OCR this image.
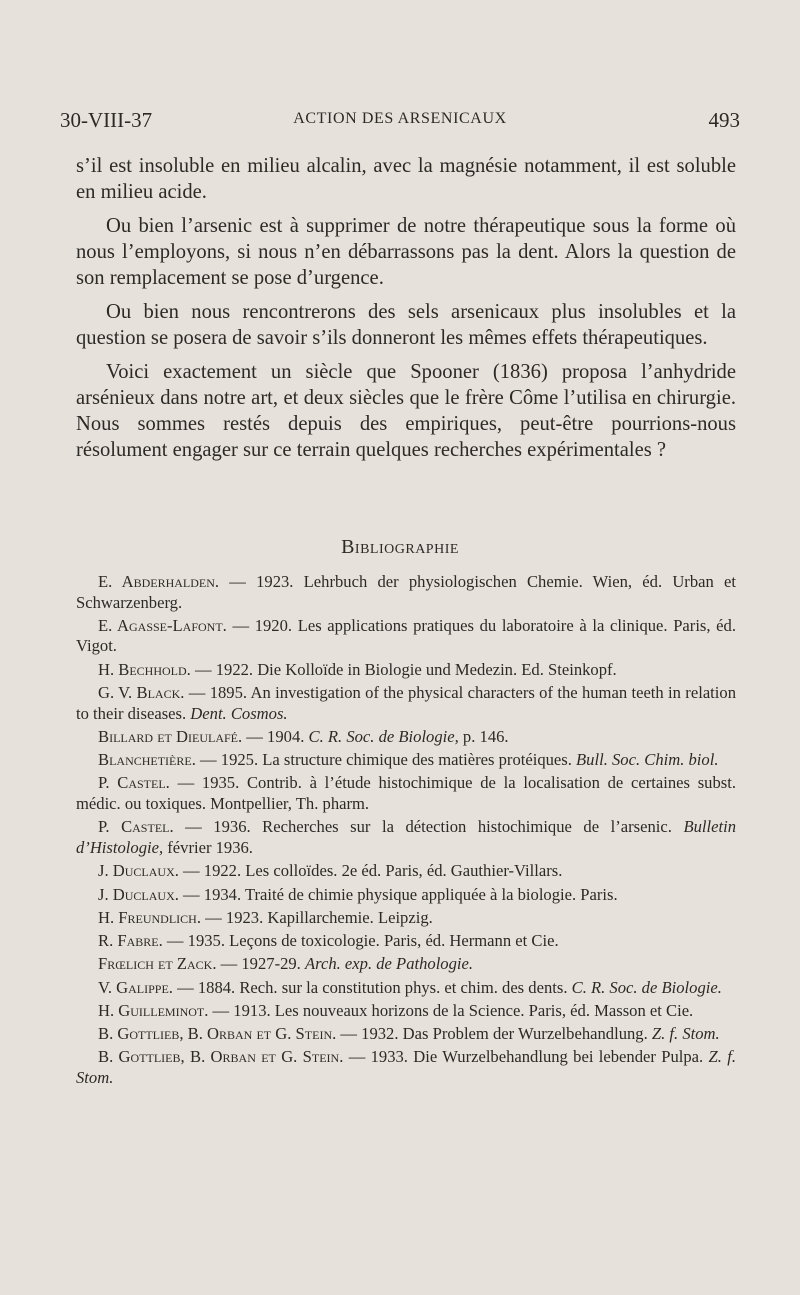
30-VIII-37	ACTION DES ARSENICAUX	493

s’il est insoluble en milieu alcalin, avec la magnésie notamment, il est soluble en milieu acide.

Ou bien l’arsenic est à supprimer de notre thérapeutique sous la forme où nous l’employons, si nous n’en débarrassons pas la dent. Alors la question de son remplacement se pose d’urgence.

Ou bien nous rencontrerons des sels arsenicaux plus insolubles et la question se posera de savoir s’ils donneront les mêmes effets thérapeutiques.

Voici exactement un siècle que Spooner (1836) proposa l’anhydride arsénieux dans notre art, et deux siècles que le frère Côme l’utilisa en chirurgie. Nous sommes restés depuis des empiriques, peut-être pourrions-nous résolument engager sur ce terrain quelques recherches expérimentales ?

Bibliographie

E. Abderhalden. — 1923. Lehrbuch der physiologischen Chemie. Wien, éd. Urban et Schwarzenberg.

E. Agasse-Lafont. — 1920. Les applications pratiques du laboratoire à la clinique. Paris, éd. Vigot.

H. Bechhold. — 1922. Die Kolloïde in Biologie und Medezin. Ed. Steinkopf.

G. V. Black. — 1895. An investigation of the physical characters of the human teeth in relation to their diseases. Dent. Cosmos.

Billard et Dieulafé. — 1904. C. R. Soc. de Biologie, p. 146.

Blanchetière. — 1925. La structure chimique des matières protéiques. Bull. Soc. Chim. biol.

P. Castel. — 1935. Contrib. à l’étude histochimique de la localisation de certaines subst. médic. ou toxiques. Montpellier, Th. pharm.

P. Castel. — 1936. Recherches sur la détection histochimique de l’arsenic. Bulletin d’Histologie, février 1936.

J. Duclaux. — 1922. Les colloïdes. 2e éd. Paris, éd. Gauthier-Villars.

J. Duclaux. — 1934. Traité de chimie physique appliquée à la biologie. Paris.

H. Freundlich. — 1923. Kapillarchemie. Leipzig.

R. Fabre. — 1935. Leçons de toxicologie. Paris, éd. Hermann et Cie.

Frœlich et Zack. — 1927-29. Arch. exp. de Pathologie.

V. Galippe. — 1884. Rech. sur la constitution phys. et chim. des dents. C. R. Soc. de Biologie.

H. Guilleminot. — 1913. Les nouveaux horizons de la Science. Paris, éd. Masson et Cie.

B. Gottlieb, B. Orban et G. Stein. — 1932. Das Problem der Wurzelbehandlung. Z. f. Stom.

B. Gottlieb, B. Orban et G. Stein. — 1933. Die Wurzelbehandlung bei lebender Pulpa. Z. f. Stom.
